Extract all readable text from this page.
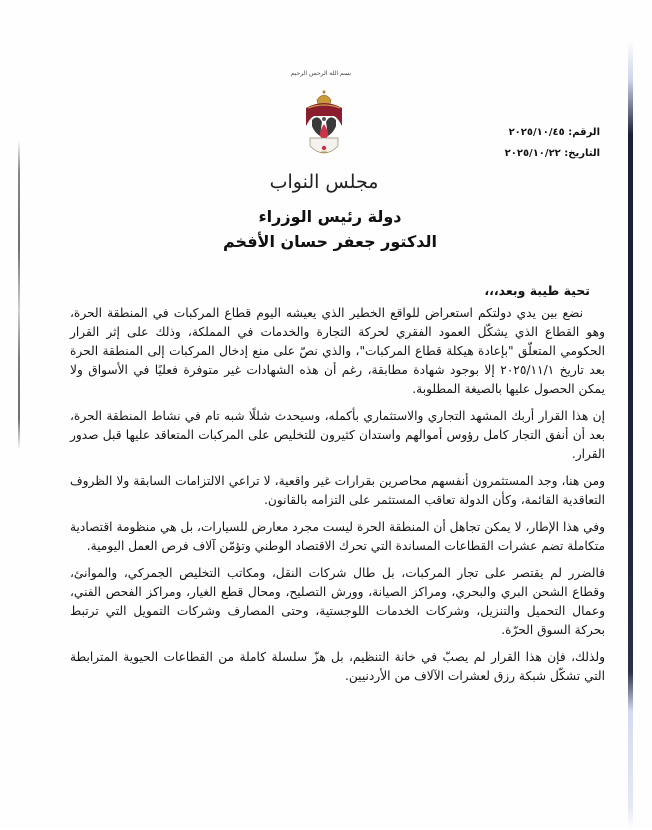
بسم الله الرحمن الرحيم
مجلس النواب
الرقم: ٢٠٢٥/١٠/٤٥
التاريخ: ٢٠٢٥/١٠/٢٢
دولة رئيس الوزراء
الدكتور جعفر حسان الأفخم
تحية طيبة وبعد،،،

نضع بين يدي دولتكم استعراض للواقع الخطير الذي يعيشه اليوم قطاع المركبات في المنطقة الحرة، وهو القطاع الذي يشكّل العمود الفقري لحركة التجارة والخدمات في المملكة، وذلك على إثر القرار الحكومي المتعلّق "بإعادة هيكلة قطاع المركبات"، والذي نصّ على منع إدخال المركبات إلى المنطقة الحرة بعد تاريخ ٢٠٢٥/١١/١ إلا بوجود شهادة مطابقة، رغم أن هذه الشهادات غير متوفرة فعليًا في الأسواق ولا يمكن الحصول عليها بالصيغة المطلوبة.

إن هذا القرار أربك المشهد التجاري والاستثماري بأكمله، وسيحدث شللًا شبه تام في نشاط المنطقة الحرة، بعد أن أنفق التجار كامل رؤوس أموالهم واستدان كثيرون للتخليص على المركبات المتعاقد عليها قبل صدور القرار.

ومن هنا، وجد المستثمرون أنفسهم محاصرين بقرارات غير واقعية، لا تراعي الالتزامات السابقة ولا الظروف التعاقدية القائمة، وكأن الدولة تعاقب المستثمر على التزامه بالقانون.

وفي هذا الإطار، لا يمكن تجاهل أن المنطقة الحرة ليست مجرد معارض للسيارات، بل هي منظومة اقتصادية متكاملة تضم عشرات القطاعات المساندة التي تحرك الاقتصاد الوطني وتؤمّن آلاف فرص العمل اليومية.

فالضرر لم يقتصر على تجار المركبات، بل طال شركات النقل، ومكاتب التخليص الجمركي، والموانئ، وقطاع الشحن البري والبحري، ومراكز الصيانة، وورش التصليح، ومحال قطع الغيار، ومراكز الفحص الفني، وعمال التحميل والتنزيل، وشركات الخدمات اللوجستية، وحتى المصارف وشركات التمويل التي ترتبط بحركة السوق الحرّة.

ولذلك، فإن هذا القرار لم يصبّ في خانة التنظيم، بل هزّ سلسلة كاملة من القطاعات الحيوية المترابطة التي تشكّل شبكة رزق لعشرات الآلاف من الأردنيين.
